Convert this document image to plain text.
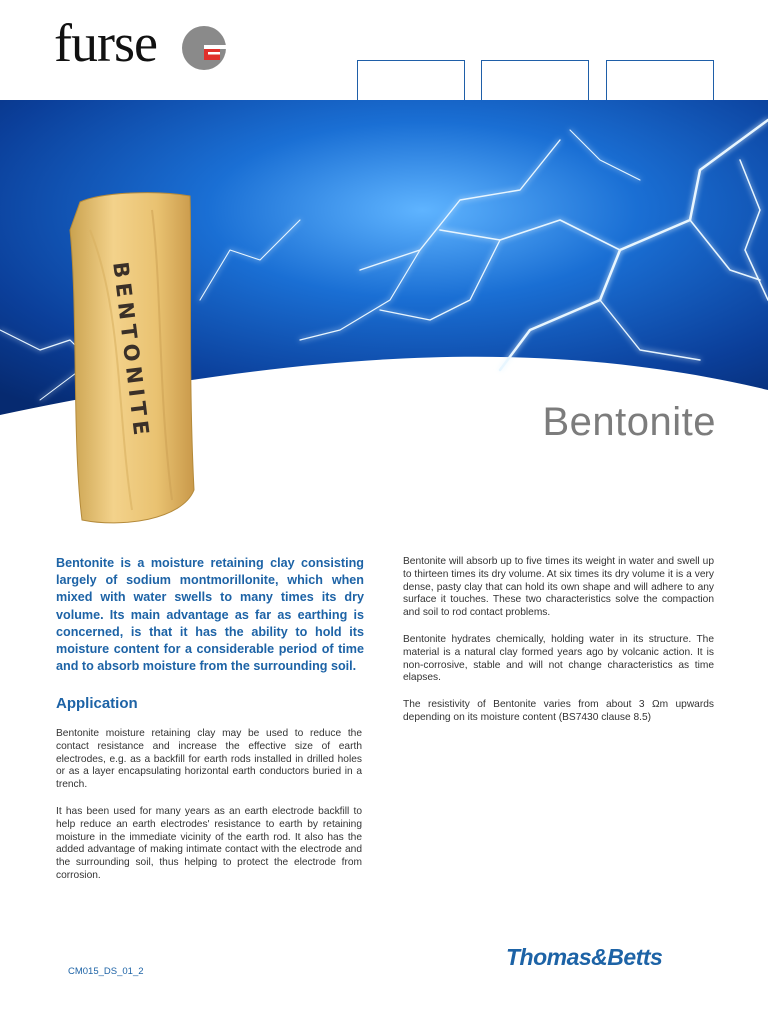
furse
BENTONITE	Bentonite
Bentonite is a moisture retaining clay consisting largely of sodium montmorillonite, which when mixed with water swells to many times its dry volume. Its main advantage as far as earthing is concerned, is that it has the ability to hold its moisture content for a considerable period of time and to absorb moisture from the surrounding soil.
Application

Bentonite moisture retaining clay may be used to reduce the contact resistance and increase the effective size of earth electrodes, e.g. as a backfill for earth rods installed in drilled holes or as a layer encapsulating horizontal earth conductors buried in a trench.

It has been used for many years as an earth electrode backfill to help reduce an earth electrodes' resistance to earth by retaining moisture in the immediate vicinity of the earth rod. It also has the added advantage of making intimate contact with the electrode and the surrounding soil, thus helping to protect the electrode from corrosion.

Bentonite will absorb up to five times its weight in water and swell up to thirteen times its dry volume. At six times its dry volume it is a very dense, pasty clay that can hold its own shape and will adhere to any surface it touches. These two characteristics solve the compaction and soil to rod contact problems.

Bentonite hydrates chemically, holding water in its structure. The material is a natural clay formed years ago by volcanic action. It is non-corrosive, stable and will not change characteristics as time elapses.

The resistivity of Bentonite varies from about 3 Ωm upwards depending on its moisture content (BS7430 clause 8.5)

CM015_DS_01_2
Thomas&Betts
